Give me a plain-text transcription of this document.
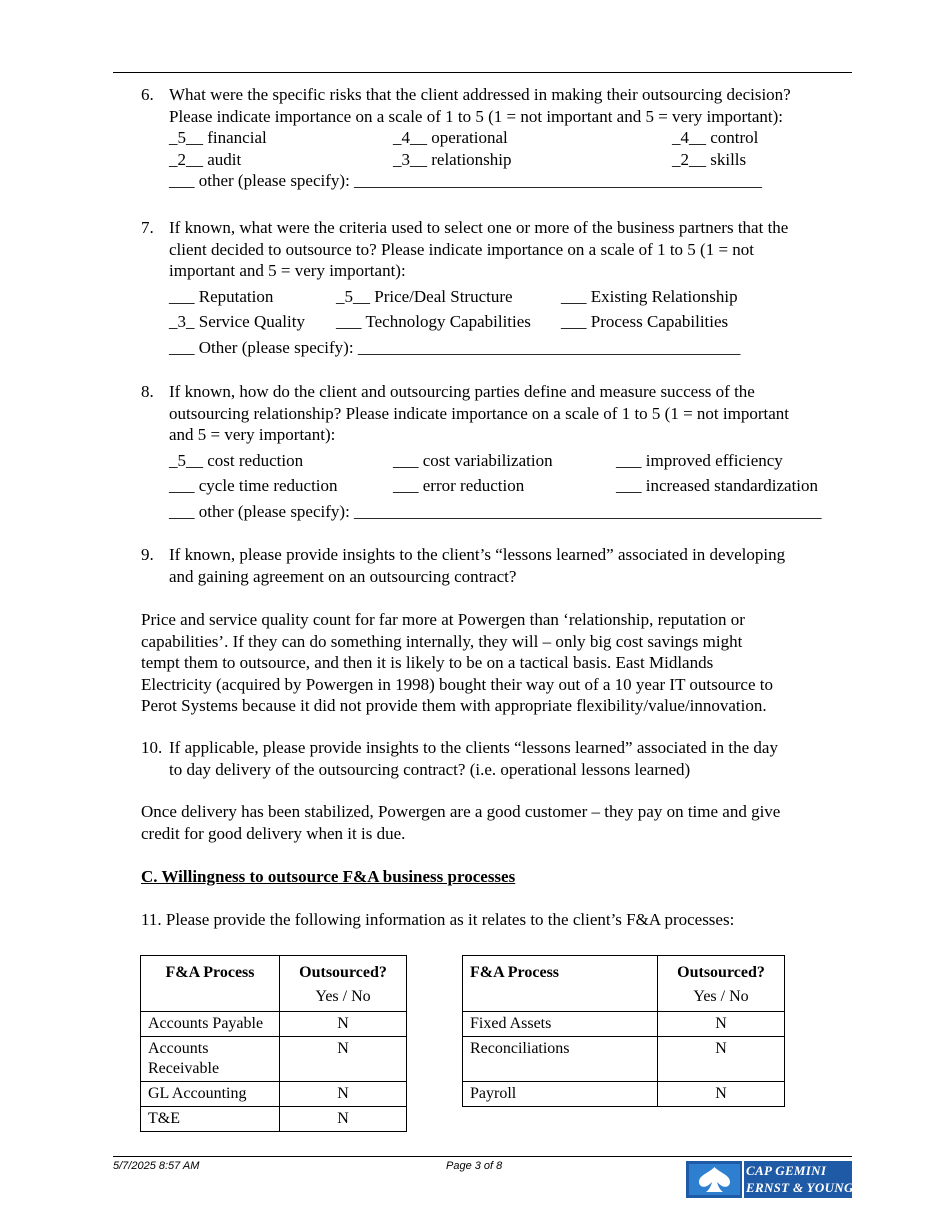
6. What were the specific risks that the client addressed in making their outsourcing decision?
Please indicate importance on a scale of 1 to 5 (1 = not important and 5 = very important):
_5__ financial	_4__ operational	_4__ control
_2__ audit	_3__ relationship	_2__ skills
___ other (please specify): ________________________________________________
7. If known, what were the criteria used to select one or more of the business partners that the
client decided to outsource to? Please indicate importance on a scale of 1 to 5 (1 = not
important and 5 = very important):
___ Reputation	_5__ Price/Deal Structure	___ Existing Relationship
_3_ Service Quality ___ Technology Capabilities ___ Process Capabilities
___ Other (please specify): _____________________________________________
8. If known, how do the client and outsourcing parties define and measure success of the
outsourcing relationship? Please indicate importance on a scale of 1 to 5 (1 = not important
and 5 = very important):
_5__ cost reduction	___ cost variabilization	___ improved efficiency
___ cycle time reduction	___ error reduction	___ increased standardization
___ other (please specify): _______________________________________________________
9. If known, please provide insights to the client’s “lessons learned” associated in developing
and gaining agreement on an outsourcing contract?
Price and service quality count for far more at Powergen than ‘relationship, reputation or
capabilities’. If they can do something internally, they will – only big cost savings might
tempt them to outsource, and then it is likely to be on a tactical basis. East Midlands
Electricity (acquired by Powergen in 1998) bought their way out of a 10 year IT outsource to
Perot Systems because it did not provide them with appropriate flexibility/value/innovation.
10. If applicable, please provide insights to the clients “lessons learned” associated in the day
to day delivery of the outsourcing contract? (i.e. operational lessons learned)
Once delivery has been stabilized, Powergen are a good customer – they pay on time and give
credit for good delivery when it is due.
C. Willingness to outsource F&A business processes
11. Please provide the following information as it relates to the client’s F&A processes:
F&A Process	Outsourced?
Yes / No

Accounts Payable	N
Accounts Receivable	N
GL Accounting	N
T&E	N
F&A Process	Outsourced?
Yes / No

Fixed Assets	N
Reconciliations	N
Payroll	N
5/7/2025 8:57 AM	Page 3 of 8	CAP GEMINI
ERNST & YOUNG
